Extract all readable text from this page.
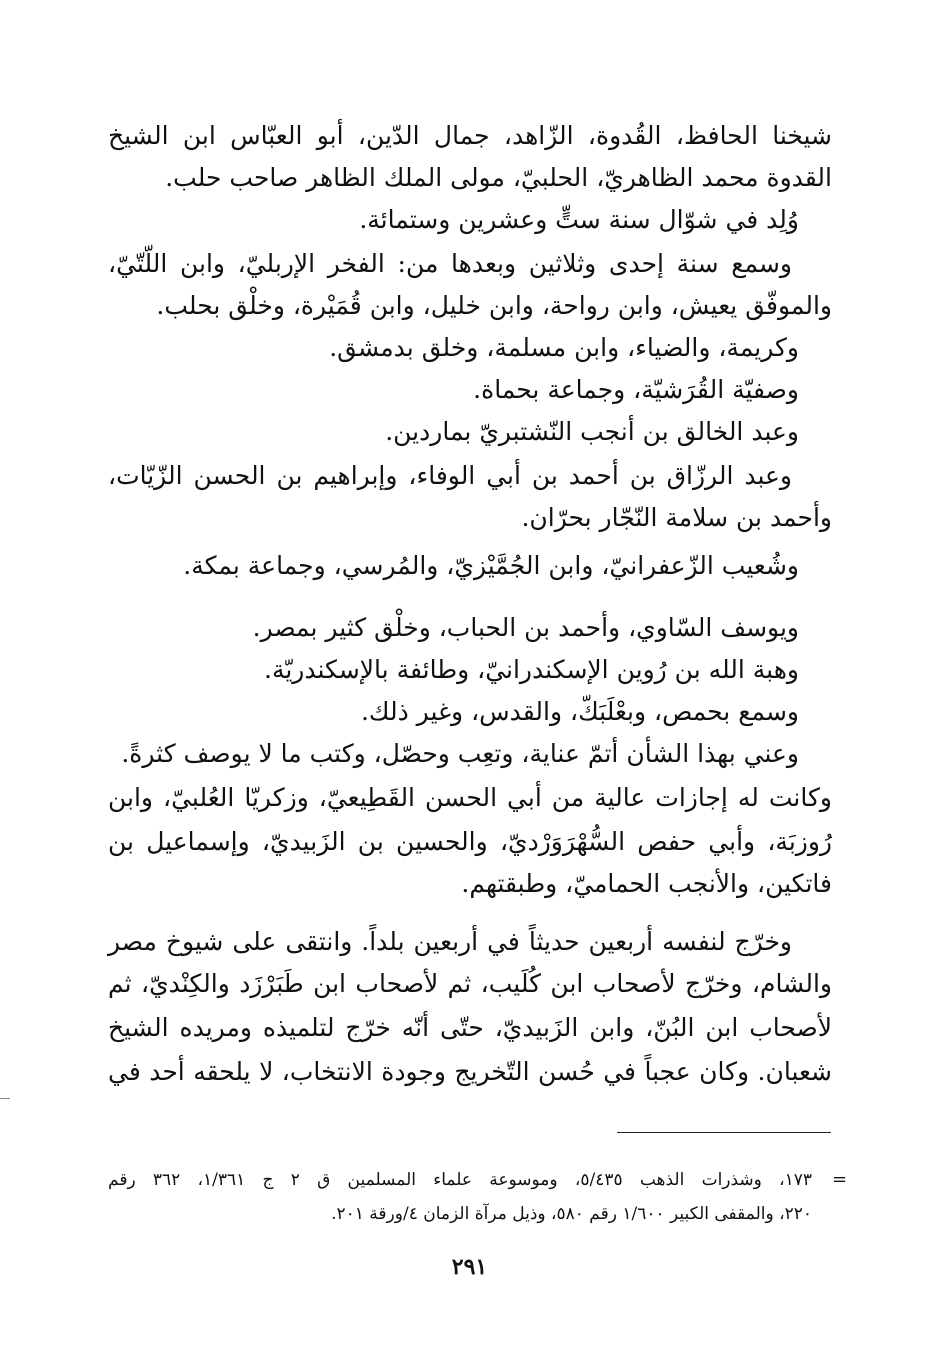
شيخنا الحافظ، القُدوة، الزّاهد، جمال الدّين، أبو العبّاس ابن الشيخ
القدوة محمد الظاهريّ، الحلبيّ، مولى الملك الظاهر صاحب حلب.
وُلِد في شوّال سنة ستٍّ وعشرين وستمائة.
وسمع سنة إحدى وثلاثين وبعدها من: الفخر الإربليّ، وابن اللّتّيّ،
والموفّق يعيش، وابن رواحة، وابن خليل، وابن قُمَيْرة، وخلْق بحلب.
وكريمة، والضياء، وابن مسلمة، وخلق بدمشق.
وصفيّة القُرَشيّة، وجماعة بحماة.
وعبد الخالق بن أنجب النّشتبريّ بماردين.
وعبد الرزّاق بن أحمد بن أبي الوفاء، وإبراهيم بن الحسن الزّيّات،
وأحمد بن سلامة النّجّار بحرّان.
وشُعيب الزّعفرانيّ، وابن الجُمَّيْزيّ، والمُرسي، وجماعة بمكة.
ويوسف السّاوي، وأحمد بن الحباب، وخلْق كثير بمصر.
وهبة الله بن رُوين الإسكندرانيّ، وطائفة بالإسكندريّة.
وسمع بحمص، وبعْلَبَكّ، والقدس، وغير ذلك.
وعني بهذا الشأن أتمّ عناية، وتعِب وحصّل، وكتب ما لا يوصف كثرةً.
وكانت له إجازات عالية من أبي الحسن القَطِيعيّ، وزكريّا العُلبيّ، وابن
رُوزبَة، وأبي حفص السُّهْرَوَرْديّ، والحسين بن الزَبيديّ، وإسماعيل بن
فاتكين، والأنجب الحماميّ، وطبقتهم.
وخرّج لنفسه أربعين حديثاً في أربعين بلداً. وانتقى على شيوخ مصر
والشام، وخرّج لأصحاب ابن كُلَيب، ثم لأصحاب ابن طَبَرْزَد والكِنْديّ، ثم
لأصحاب ابن البُنّ، وابن الزَبيديّ، حتّى أنّه خرّج لتلميذه ومريده الشيخ
شعبان. وكان عجباً في حُسن التّخريج وجودة الانتخاب، لا يلحقه أحد في
=
١٧٣، وشذرات الذهب ٥/٤٣٥، وموسوعة علماء المسلمين ق ٢ ج ١/٣٦١، ٣٦٢ رقم
٢٢٠، والمقفى الكبير ١/٦٠٠ رقم ٥٨٠، وذيل مرآة الزمان ٤/ورقة ٢٠١.
٢٩١
